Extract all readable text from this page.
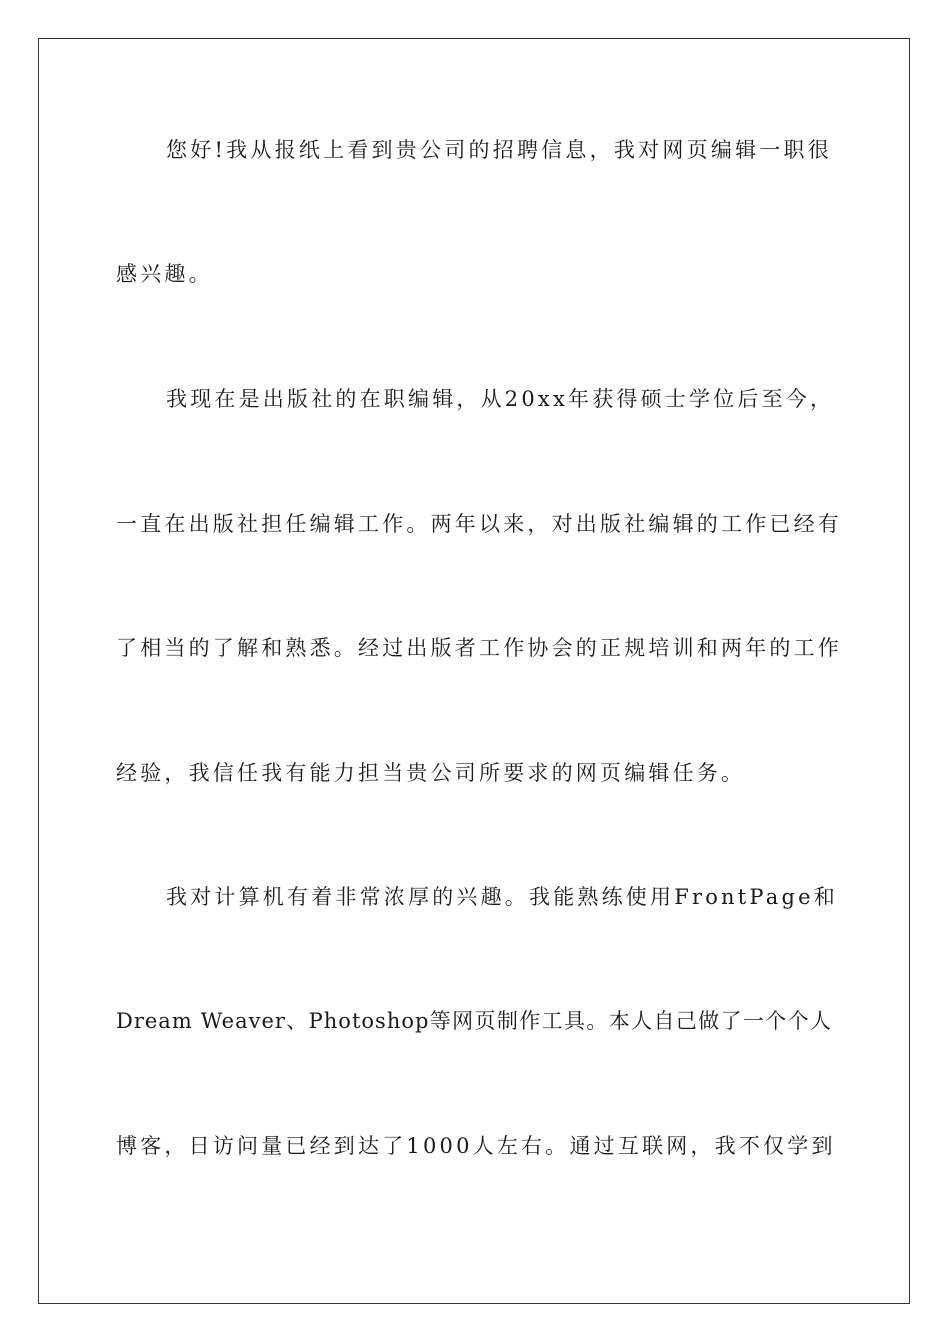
您好!我从报纸上看到贵公司的招聘信息，我对网页编辑一职很
感兴趣。
我现在是出版社的在职编辑，从20xx年获得硕士学位后至今，
一直在出版社担任编辑工作。两年以来，对出版社编辑的工作已经有
了相当的了解和熟悉。经过出版者工作协会的正规培训和两年的工作
经验，我信任我有能力担当贵公司所要求的网页编辑任务。
我对计算机有着非常浓厚的兴趣。我能熟练使用FrontPage和
Dream Weaver、Photoshop等网页制作工具。本人自己做了一个个人
博客，日访问量已经到达了1000人左右。通过互联网，我不仅学到
